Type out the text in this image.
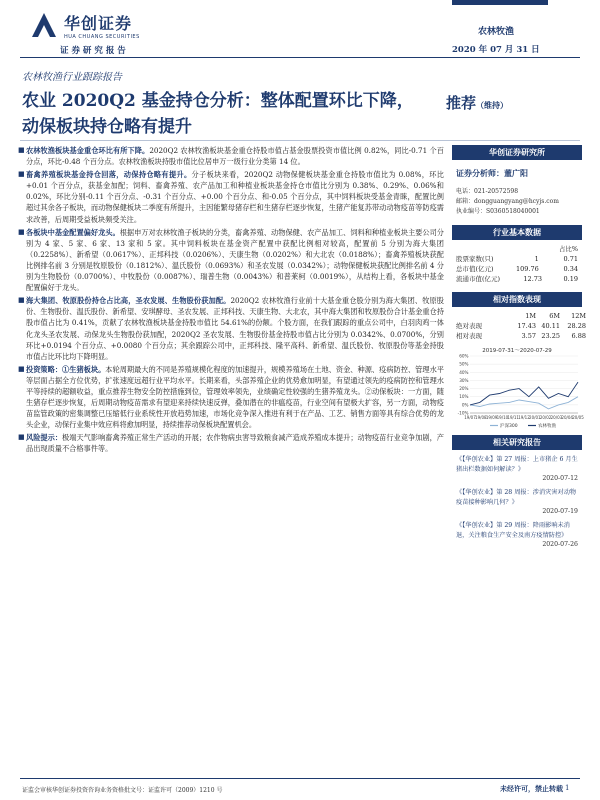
华创证券
HUA CHUANG SECURITIES
证 券 研 究 报 告
农林牧渔
2020 年 07 月 31 日
农林牧渔行业跟踪报告
农业 2020Q2 基金持仓分析：整体配置环比下降，动保板块持仓略有提升
推荐（维持）
■ 农林牧渔板块基金重仓环比有所下降。2020Q2 农林牧渔板块基金重仓持股市值占基金股票投资市值比例 0.82%，同比-0.71 个百分点，环比-0.48 个百分点。农林牧渔板块持股市值比位居申万一级行业分类第 14 位。
■ 畜禽养殖板块基金持仓回落，动保持仓略有提升。分子板块来看，2020Q2 动物保健板块基金重仓持股市值比为 0.08%，环比+0.01 个百分点，获基金加配；饲料、畜禽养殖、农产品加工和种植业板块基金持仓市值比分别为 0.38%、0.29%、0.06%和 0.02%，环比分别-0.11 个百分点、-0.31 个百分点、+0.00 个百分点、和-0.05 个百分点，其中饲料板块受基金青睐，配置比例超过其余各子板块，而动物保健板块二季度有所提升，主因能繁母猪存栏和生猪存栏逐步恢复，生猪产能复苏带动动物疫苗等防疫需求改善，后周期受益板块频受关注。
■ 各板块中基金配置偏好龙头。根据申万对农林牧渔子板块的分类，畜禽养殖、动物保健、农产品加工、饲料和种植业板块主要公司分别为 4 家、5 家、6 家、13 家和 5 家。其中饲料板块在基金资产配置中获配比例相对较高，配置前 5 分别为海大集团（0.2258%）、新希望（0.0617%）、正邦科技（0.0206%）、天康生物（0.0202%）和大北农（0.0188%）；畜禽养殖板块获配比例排名前 3 分别是牧原股份（0.1812%）、温氏股份（0.0693%）和圣农发展（0.0342%）；动物保健板块获配比例排名前 4 分别为生物股份（0.0700%）、中牧股份（0.0087%）、瑞普生物（0.0043%）和普莱柯（0.0019%），从结构上看，各板块中基金配置偏好于龙头。
■ 海大集团、牧原股份持仓占比高，圣农发展、生物股份获加配。2020Q2 农林牧渔行业前十大基金重仓股分别为海大集团、牧原股份、生物股份、温氏股份、新希望、安琪酵母、圣农发展、正邦科技、天康生物、大北农，其中海大集团和牧原股份合计基金重仓持股市值占比为 0.41%，贡献了农林牧渔板块基金持股市值比 54.61%的份额。个股方面，在我们跟踪的重点公司中，白羽肉鸡一体化龙头圣农发展、动保龙头生物股份获加配，2020Q2 圣农发展、生物股份基金持股市值占比分别为 0.0342%、0.0700%，分别环比+0.0194 个百分点、+0.0080 个百分点；其余跟踪公司中，正邦科技、隆平高科、新希望、温氏股份、牧原股份等基金持股市值占比环比均下降明显。
■ 投资策略：①生猪板块。本轮周期最大的不同是养殖规模化程度的加速提升，规模养殖场在土地、资金、种源、疫病防控、管理水平等层面占据全方位优势，扩张速度远超行业平均水平。长期来看，头部养殖企业的优势愈加明显，有望通过领先的疫病防控和管理水平等持续的超额收益，重点推荐生物安全防控措施到位，管理效率领先，业绩确定性较强的生猪养殖龙头。②动保板块：一方面，随生猪存栏逐步恢复，后周期动物疫苗需求有望迎来持续快速反弹，叠加潜在的非瘟疫苗，行业空间有望极大扩容，另一方面，动物疫苗监管政策的密集调整已压缩低行业系统性开放趋势加速，市场化竞争深入推进有利于在产品、工艺、销售方面等具有综合优势的龙头企业，动保行业集中效应料将愈加明显，持续推荐动保板块配置机会。
■ 风险提示：极端天气影响畜禽养殖正常生产活动的开展；农作物病虫害导致粮食减产造成养殖成本提升；动物疫苗行业竞争加剧，产品出现质量不合格事件等。
华创证券研究所
证券分析师：董广阳
电话：021-20572598
邮箱：dongguangyang@hcyjs.com
执业编号：S0360518040001
行业基本数据
占比%
股票家数(只)	1	0.71
总市值(亿元)	109.76	0.34
流通市值(亿元)	12.73	0.19
相对指数表现
1M	6M	12M
绝对表现	17.43 40.11	28.28
相对表现	3.57 23.25	6.88
2019-07-31～2020-07-29
60%
50%
40%
30%
20%
10%
0%
-10%
19/07 19/08 19/09 19/10 19/11 19/12 20/01 20/02 20/03 20/04 20/05
沪深300	农林牧渔
相关研究报告
《【华创农业】第 27 周报：上市猪企 6 月生猪出栏数据如何解读？》
2020-07-12
《【华创农业】第 28 周报：涉消灾害对动物疫苗接种影响几何？》
2020-07-19
《【华创农业】第 29 周报：降雨影响未消退，关注粮食生产安全及南方疫情防控》
2020-07-26
证监会审核华创证券投资咨询业务资格批文号：证监许可（2009）1210 号	未经许可，禁止转载 1
